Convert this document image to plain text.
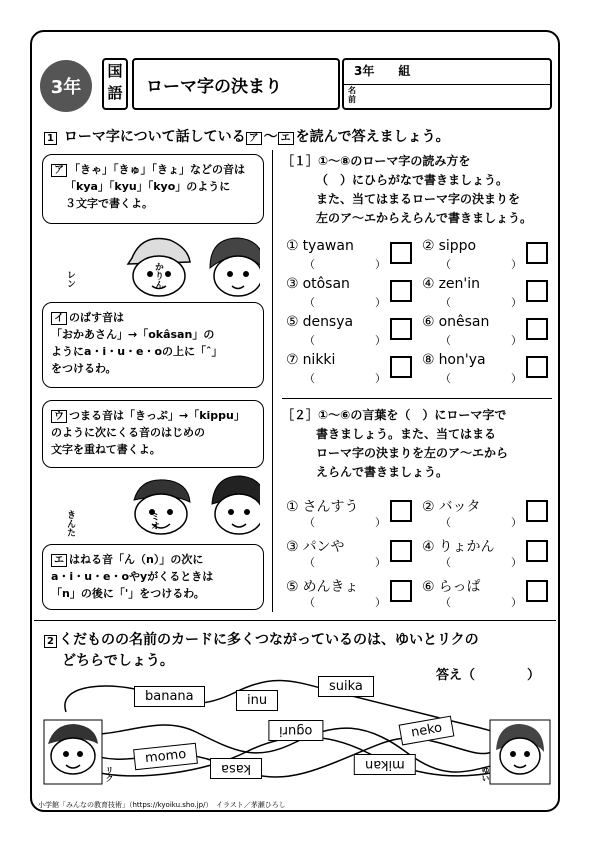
3年
国
語	ローマ字の決まり
3年　　組
名前
1 ローマ字について話している ア 〜 エ を読んで答えましょう。

ア 「きゃ」「きゅ」「きょ」などの音は

「kya」「kyu」「kyo」のように

３文字で書くよ。

レン	かりん

イ のばす音は

「おかあさん」→「okâsan」の

ようにa・i・u・e・oの上に「ˆ」

をつけるわ。

ウ つまる音は「きっぷ」→「kippu」

のように次にくる音のはじめの

文字を重ねて書くよ。

きんた	ミオ

エ はねる音「ん（n）」の次に

a・i・u・e・oやyがくるときは

「n」の後に「'」をつけるわ。

［１］①〜⑧のローマ字の読み方を
（　）にひらがなで書きましょう。
また、当てはまるローマ字の決まりを
左のア〜エからえらんで書きましょう。
① tyawan
（	）
② sippo
（	）
③ otôsan
（	）
④ zen'in
（	）
⑤ densya
（	）
⑥ onêsan
（	）
⑦ nikki
（	）
⑧ hon'ya
（	）
［２］①〜⑥の言葉を（　）にローマ字で
書きましょう。また、当てはまる
ローマ字の決まりを左のア〜エから
えらんで書きましょう。
① さんすう
（	）
② バッタ
（	）
③ パンや
（	）
④ りょかん
（	）
⑤ めんきょ
（	）
⑥ らっぱ
（	）
2 くだものの名前のカードに多くつながっているのは、ゆいとリクの
どちらでしょう。
答え（　　　　）
リク	ゆい
banana	inu
suika
oguri	neko
momo
kasa	mikan
小学館「みんなの教育技術」（https://kyoiku.sho.jp/）　イラスト／茅瀬ひろし
